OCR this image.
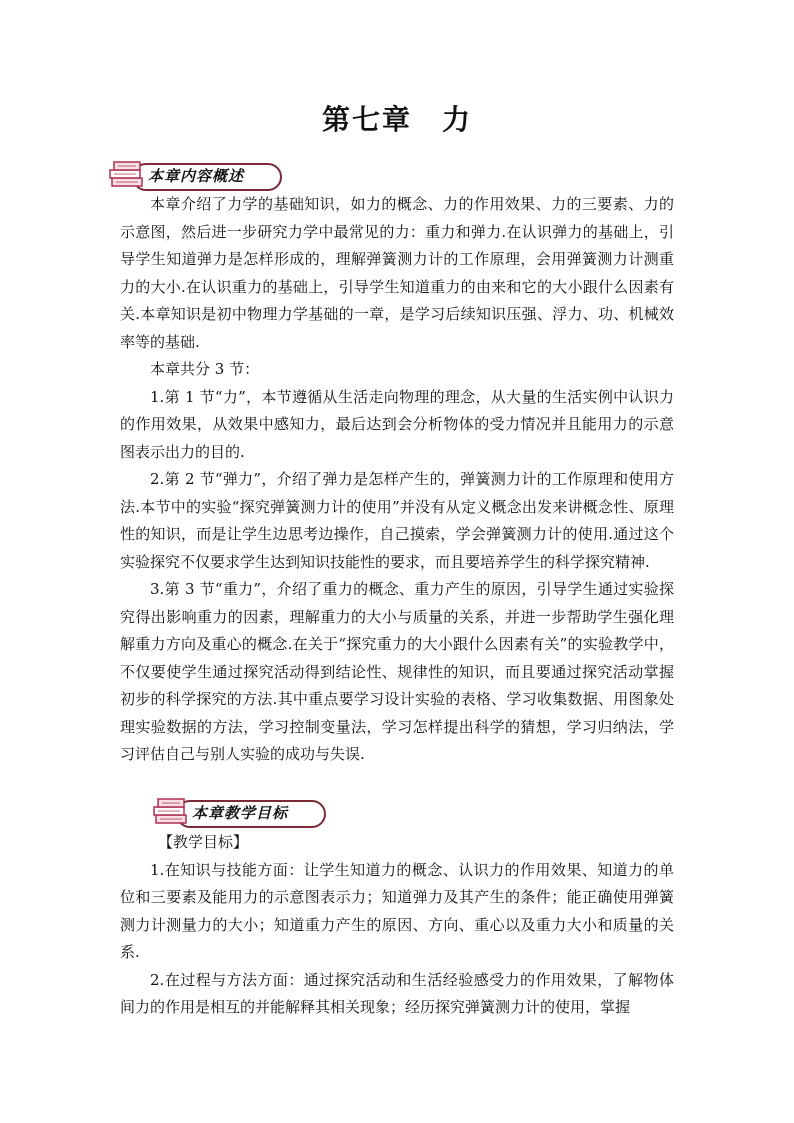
第七章　力
本章内容概述

本章介绍了力学的基础知识，如力的概念、力的作用效果、力的三要素、力的示意图，然后进一步研究力学中最常见的力：重力和弹力.在认识弹力的基础上，引导学生知道弹力是怎样形成的，理解弹簧测力计的工作原理，会用弹簧测力计测重力的大小.在认识重力的基础上，引导学生知道重力的由来和它的大小跟什么因素有关.本章知识是初中物理力学基础的一章，是学习后续知识压强、浮力、功、机械效率等的基础.

本章共分 3 节：

1.第 1 节“力”，本节遵循从生活走向物理的理念，从大量的生活实例中认识力的作用效果，从效果中感知力，最后达到会分析物体的受力情况并且能用力的示意图表示出力的目的.

2.第 2 节“弹力”，介绍了弹力是怎样产生的，弹簧测力计的工作原理和使用方法.本节中的实验“探究弹簧测力计的使用”并没有从定义概念出发来讲概念性、原理性的知识，而是让学生边思考边操作，自己摸索，学会弹簧测力计的使用.通过这个实验探究不仅要求学生达到知识技能性的要求，而且要培养学生的科学探究精神.

3.第 3 节“重力”，介绍了重力的概念、重力产生的原因，引导学生通过实验探究得出影响重力的因素，理解重力的大小与质量的关系，并进一步帮助学生强化理解重力方向及重心的概念.在关于“探究重力的大小跟什么因素有关”的实验教学中，不仅要使学生通过探究活动得到结论性、规律性的知识，而且要通过探究活动掌握初步的科学探究的方法.其中重点要学习设计实验的表格、学习收集数据、用图象处理实验数据的方法，学习控制变量法，学习怎样提出科学的猜想，学习归纳法，学习评估自己与别人实验的成功与失误.

本章教学目标

【教学目标】

1.在知识与技能方面：让学生知道力的概念、认识力的作用效果、知道力的单位和三要素及能用力的示意图表示力；知道弹力及其产生的条件；能正确使用弹簧测力计测量力的大小；知道重力产生的原因、方向、重心以及重力大小和质量的关系.

2.在过程与方法方面：通过探究活动和生活经验感受力的作用效果，了解物体间力的作用是相互的并能解释其相关现象；经历探究弹簧测力计的使用，掌握
